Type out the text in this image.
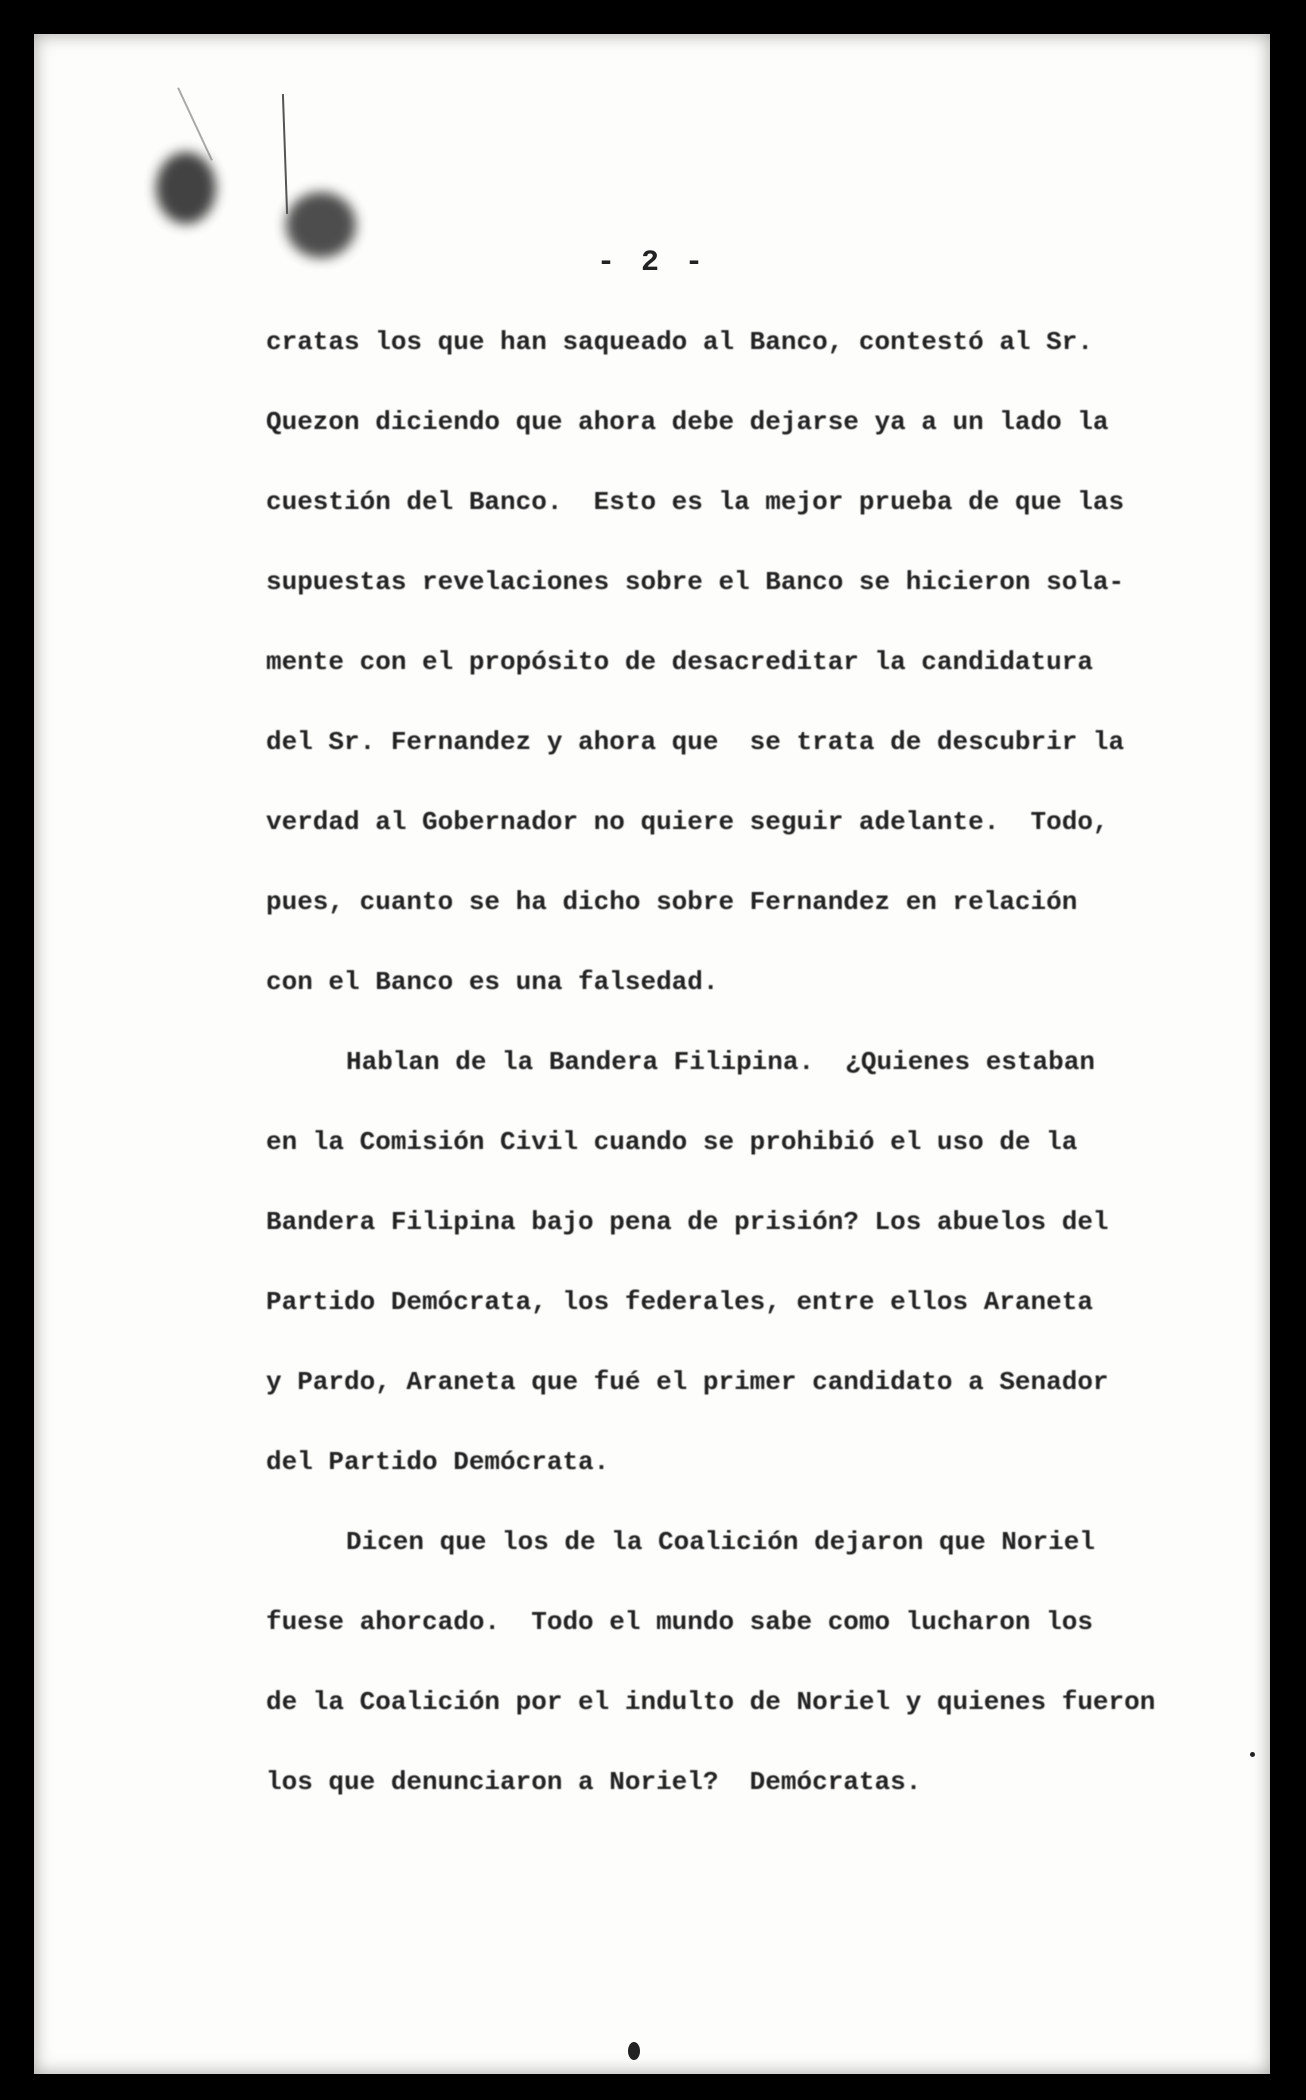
- 2 -

cratas los que han saqueado al Banco, contestó al Sr.
Quezon diciendo que ahora debe dejarse ya a un lado la
cuestión del Banco.  Esto es la mejor prueba de que las
supuestas revelaciones sobre el Banco se hicieron sola-
mente con el propósito de desacreditar la candidatura
del Sr. Fernandez y ahora que  se trata de descubrir la
verdad al Gobernador no quiere seguir adelante.  Todo,
pues, cuanto se ha dicho sobre Fernandez en relación
con el Banco es una falsedad.

Hablan de la Bandera Filipina.  ¿Quienes estaban
en la Comisión Civil cuando se prohibió el uso de la
Bandera Filipina bajo pena de prisión? Los abuelos del
Partido Demócrata, los federales, entre ellos Araneta
y Pardo, Araneta que fué el primer candidato a Senador
del Partido Demócrata.

Dicen que los de la Coalición dejaron que Noriel
fuese ahorcado.  Todo el mundo sabe como lucharon los
de la Coalición por el indulto de Noriel y quienes fueron
los que denunciaron a Noriel?  Demócratas.
